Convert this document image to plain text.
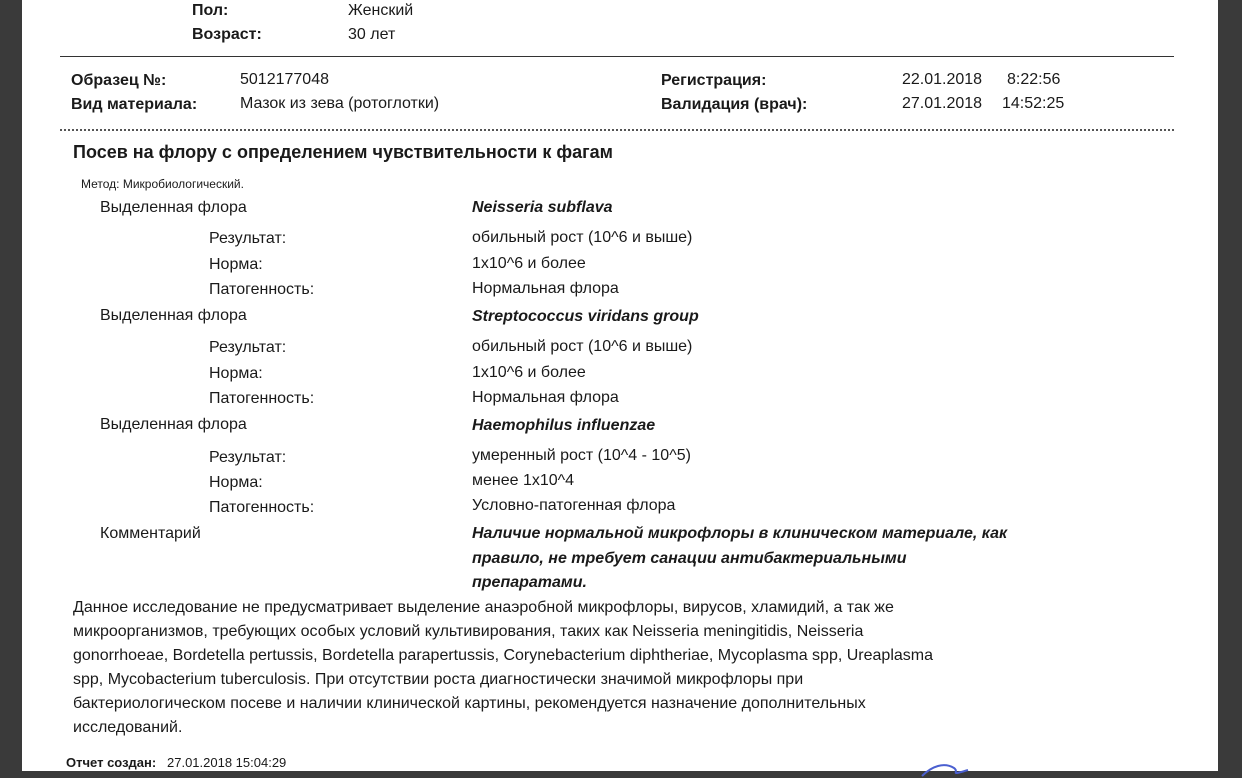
Пол:	Женский
Возраст:	30 лет
Образец №:	5012177048
Вид материала:	Мазок из зева (ротоглотки)
Регистрация:	22.01.2018 8:22:56
Валидация (врач):	27.01.2018 14:52:25
Посев на флору с определением чувствительности к фагам
Метод: Микробиологический.
Выделенная флора	Neisseria subflava
Результат:	обильный рост (10^6 и выше)
Норма:	1x10^6 и более
Патогенность:	Нормальная флора
Выделенная флора	Streptococcus viridans group
Результат:	обильный рост (10^6 и выше)
Норма:	1x10^6 и более
Патогенность:	Нормальная флора
Выделенная флора	Haemophilus influenzae
Результат:	умеренный рост (10^4 - 10^5)
Норма:	менее 1x10^4
Патогенность:	Условно-патогенная флора
Комментарий	Наличие нормальной микрофлоры в клиническом материале, как
правило, не требует санации антибактериальными
препаратами.
Данное исследование не предусматривает выделение анаэробной микрофлоры, вирусов, хламидий, а так же
микроорганизмов, требующих особых условий культивирования, таких как Neisseria meningitidis, Neisseria
gonorrhoeae, Bordetella pertussis, Bordetella parapertussis, Corynebacterium diphtheriae, Mycoplasma spp, Ureaplasma
spp, Mycobacterium tuberculosis. При отсутствии роста диагностически значимой микрофлоры при
бактериологическом посеве и наличии клинической картины, рекомендуется назначение дополнительных
исследований.
Отчет создан: 27.01.2018 15:04:29
